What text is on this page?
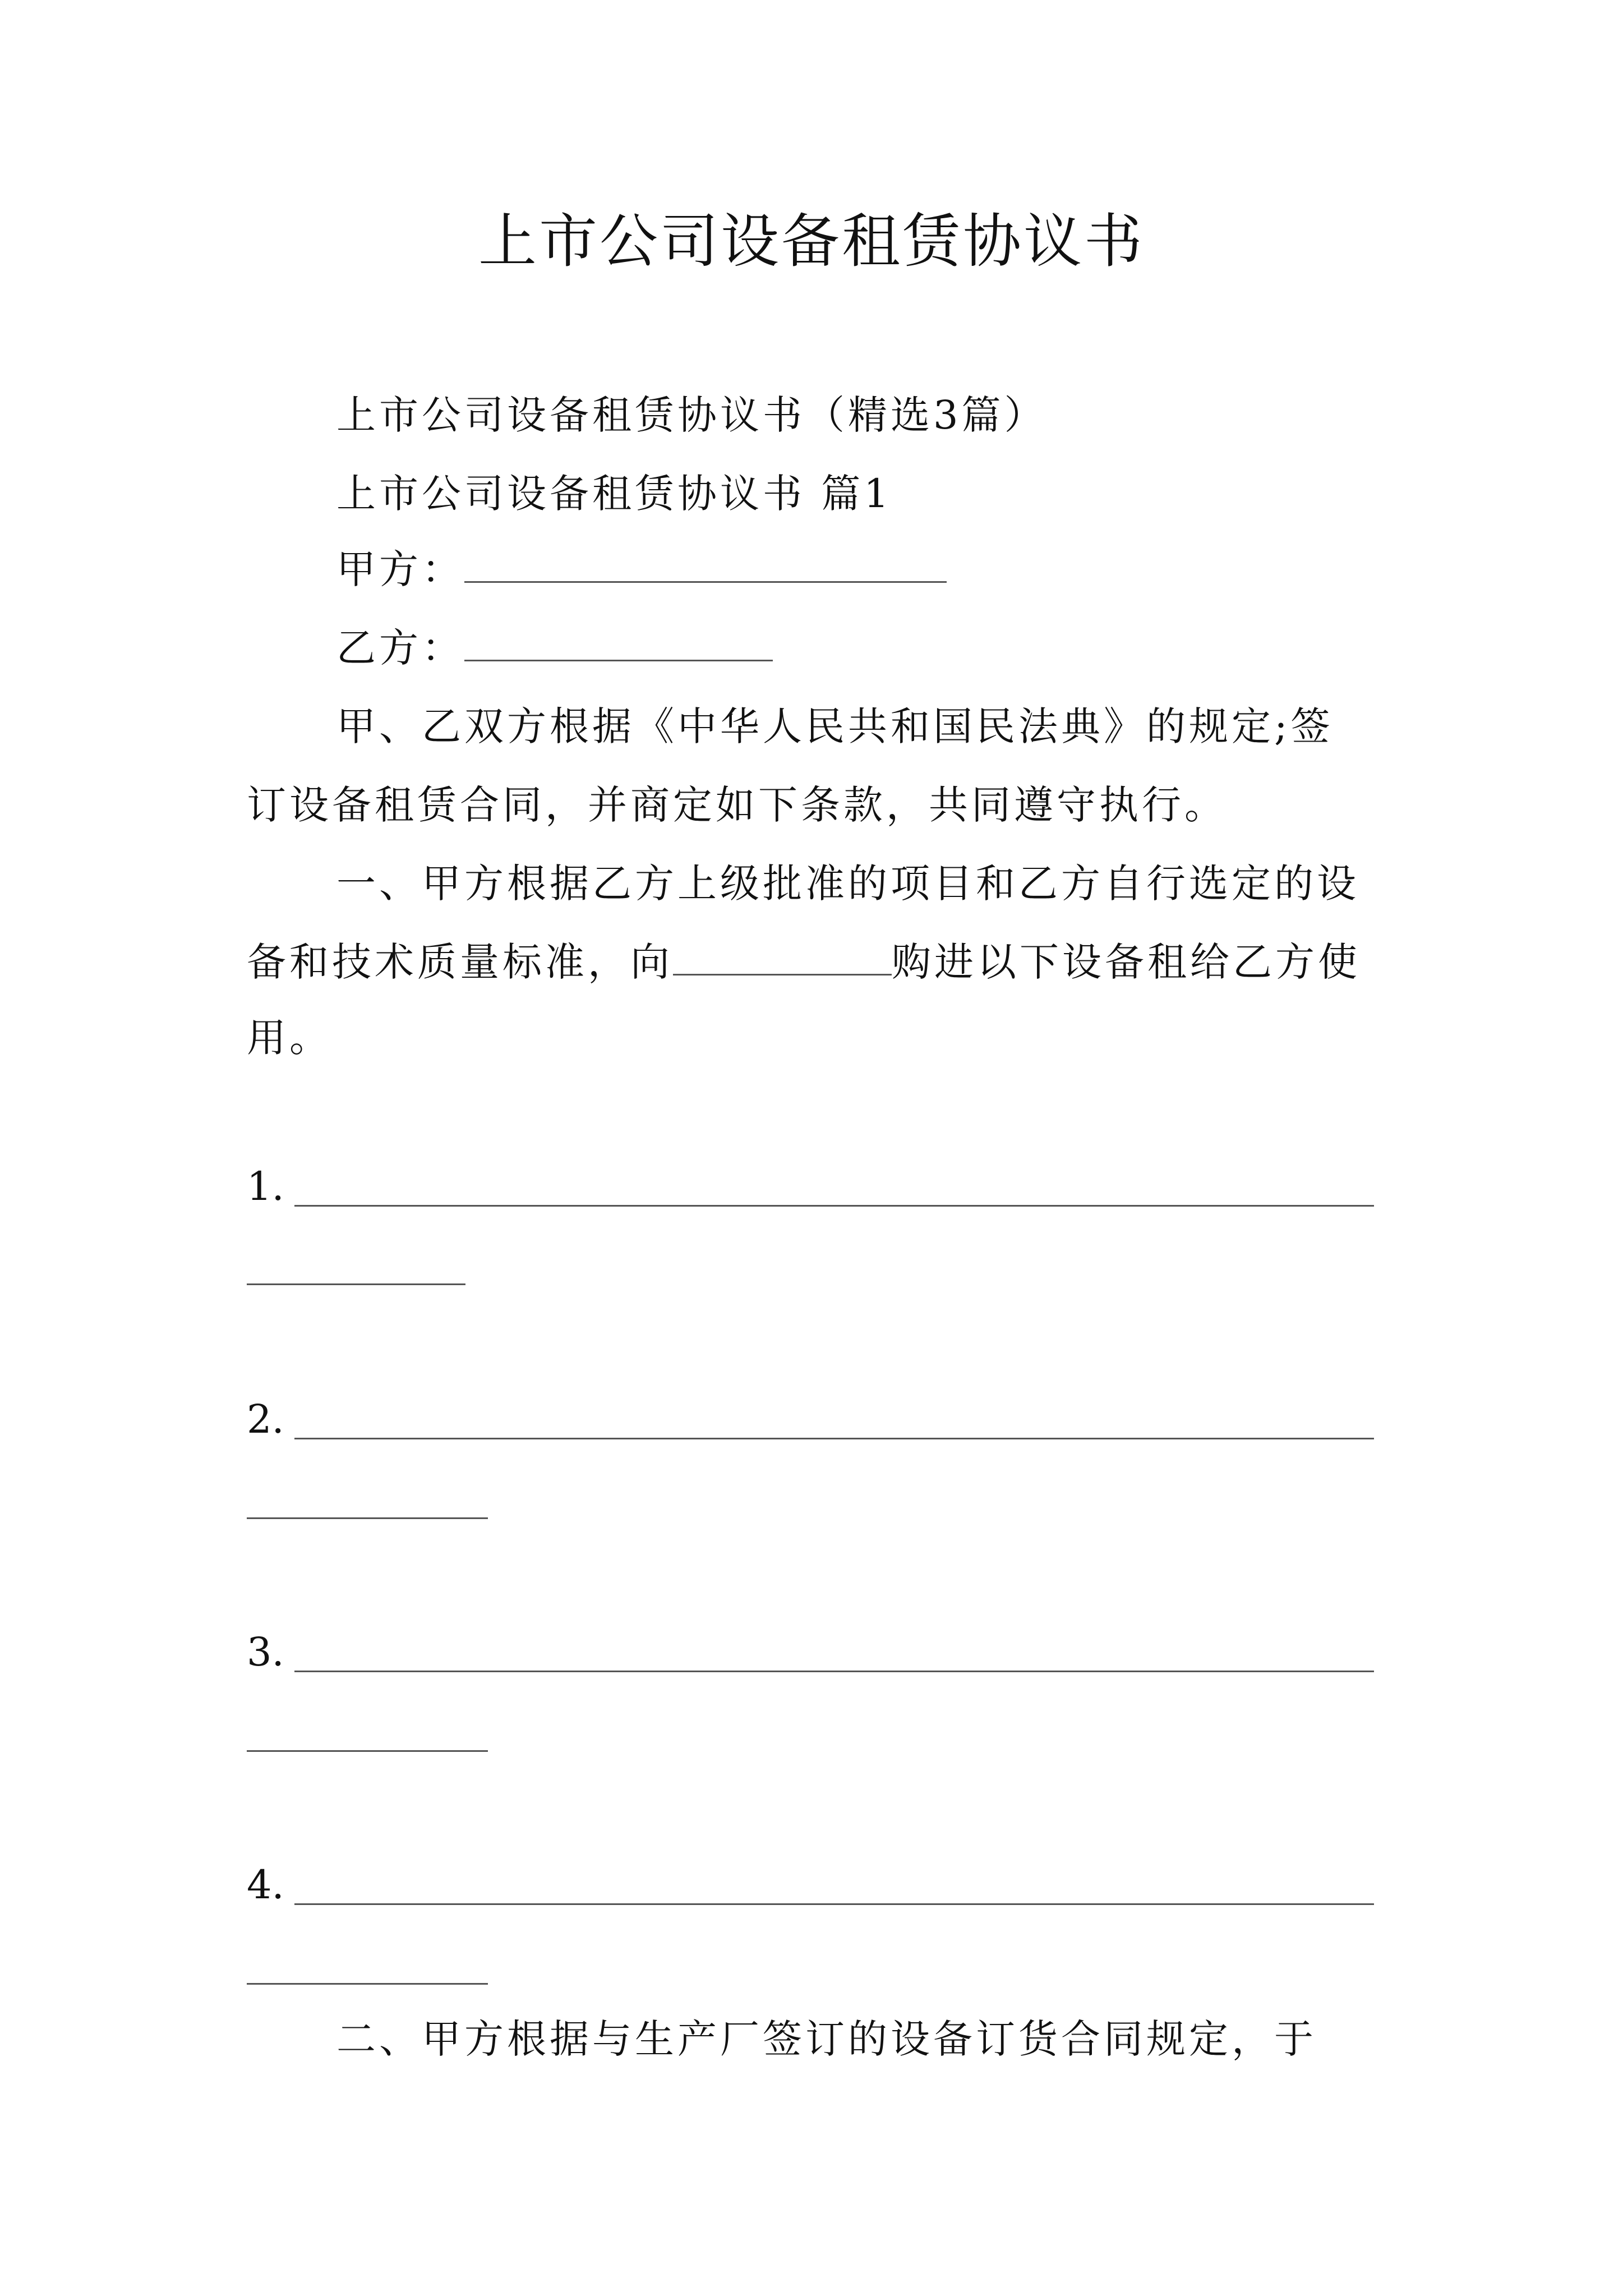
上市公司设备租赁协议书
上市公司设备租赁协议书（精选3篇）
上市公司设备租赁协议书 篇1
甲方：
乙方：
甲、乙双方根据《中华人民共和国民法典》的规定;签
订设备租赁合同，并商定如下条款，共同遵守执行。
一、甲方根据乙方上级批准的项目和乙方自行选定的设
备和技术质量标准，向	购进以下设备租给乙方使
用。
1.
2.
3.
4.
二、甲方根据与生产厂签订的设备订货合同规定，于
